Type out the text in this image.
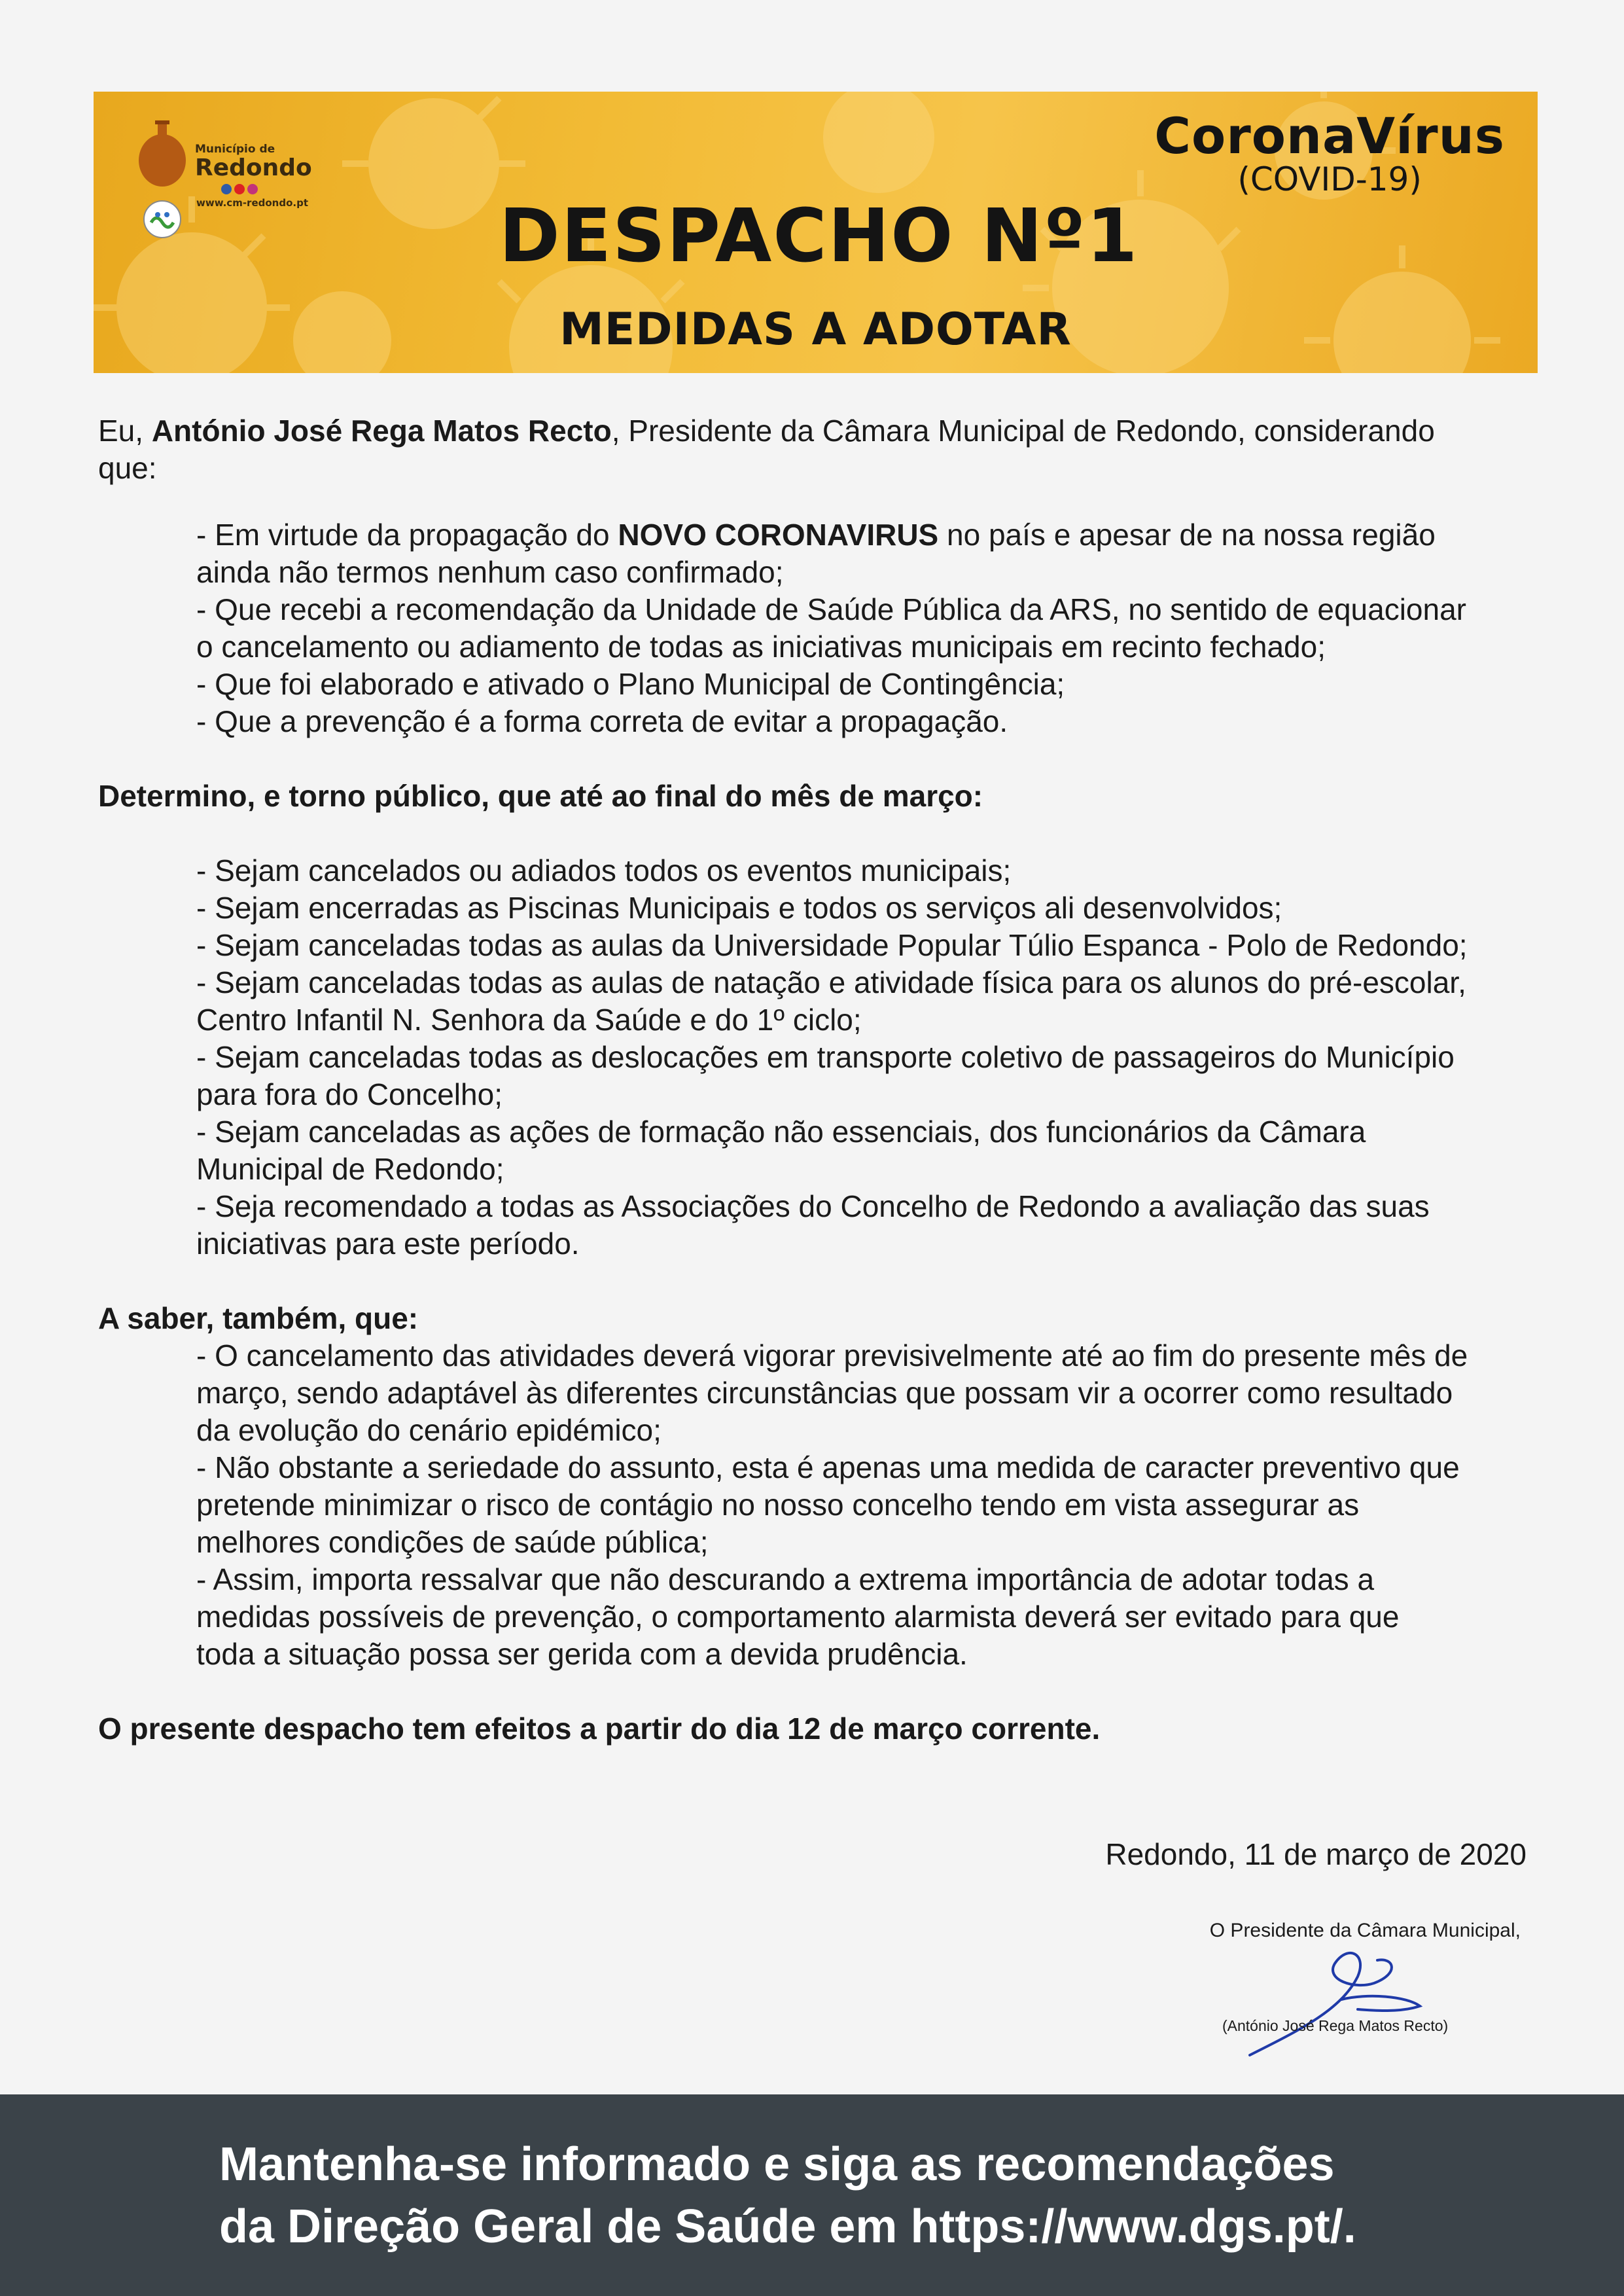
Município de
Redondo
www.cm-redondo.pt
CoronaVírus
(COVID-19)
DESPACHO Nº1
MEDIDAS A ADOTAR

Eu, António José Rega Matos Recto, Presidente da Câmara Municipal de Redondo, considerando

que:

- Em virtude da propagação do NOVO CORONAVIRUS no país e apesar de na nossa região

ainda não termos nenhum caso confirmado;

- Que recebi a recomendação da Unidade de Saúde Pública da ARS, no sentido de equacionar

o cancelamento ou adiamento de todas as iniciativas municipais em recinto fechado;

- Que foi elaborado e ativado o Plano Municipal de Contingência;

- Que a prevenção é a forma correta de evitar a propagação.

Determino, e torno público, que até ao final do mês de março:

- Sejam cancelados ou adiados todos os eventos municipais;

- Sejam encerradas as Piscinas Municipais e todos os serviços ali desenvolvidos;

- Sejam canceladas todas as aulas da Universidade Popular Túlio Espanca - Polo de Redondo;

- Sejam canceladas todas as aulas de natação e atividade física para os alunos do pré-escolar,

Centro Infantil N. Senhora da Saúde e do 1º ciclo;

- Sejam canceladas todas as deslocações em transporte coletivo de passageiros do Município

para fora do Concelho;

- Sejam canceladas as ações de formação não essenciais, dos funcionários da Câmara

Municipal de Redondo;

- Seja recomendado a todas as Associações do Concelho de Redondo a avaliação das suas

iniciativas para este período.

A saber, também, que:

- O cancelamento das atividades deverá vigorar previsivelmente até ao fim do presente mês de

março, sendo adaptável às diferentes circunstâncias que possam vir a ocorrer como resultado

da evolução do cenário epidémico;

- Não obstante a seriedade do assunto, esta é apenas uma medida de caracter preventivo que

pretende minimizar o risco de contágio no nosso concelho tendo em vista assegurar as

melhores condições de saúde pública;

- Assim, importa ressalvar que não descurando a extrema importância de adotar todas a

medidas possíveis de prevenção, o comportamento alarmista deverá ser evitado para que

toda a situação possa ser gerida com a devida prudência.

O presente despacho tem efeitos a partir do dia 12 de março corrente.

Redondo, 11 de março de 2020
O Presidente da Câmara Municipal,
(António José Rega Matos Recto)
Mantenha-se informado e siga as recomendações
da Direção Geral de Saúde em https://www.dgs.pt/.
